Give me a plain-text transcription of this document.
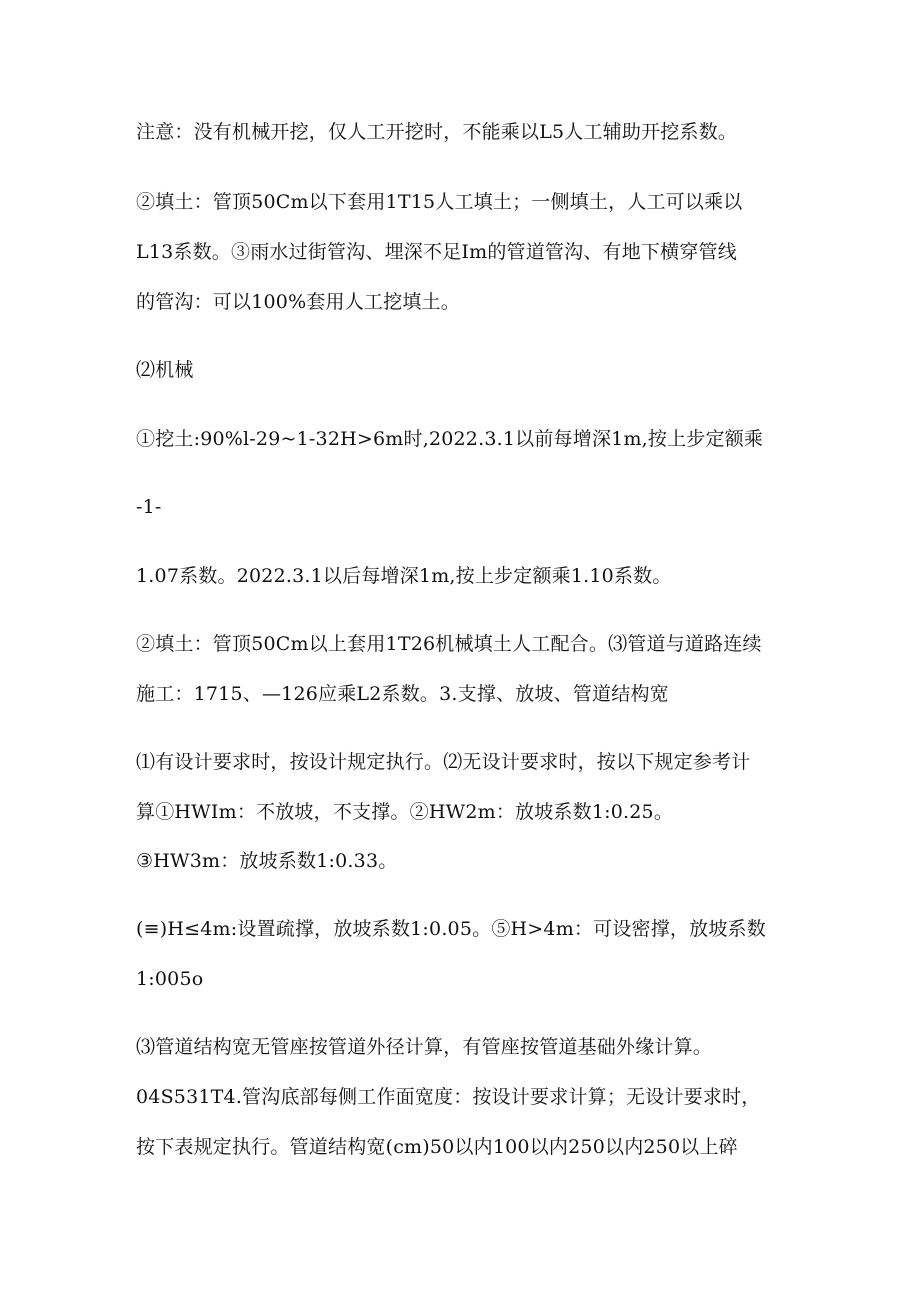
注意：没有机械开挖，仅人工开挖时，不能乘以L5人工辅助开挖系数。
②填土：管顶50Cm以下套用1T15人工填土；一侧填土，人工可以乘以
L13系数。③雨水过街管沟、埋深不足Im的管道管沟、有地下横穿管线
的管沟：可以100%套用人工挖填土。
⑵机械
①挖土:90%l-29~1-32H>6m时,2022.3.1以前每增深1m,按上步定额乘
-1-
1.07系数。2022.3.1以后每增深1m,按上步定额乘1.10系数。
②填土：管顶50Cm以上套用1T26机械填土人工配合。⑶管道与道路连续
施工：1715、—126应乘L2系数。3.支撑、放坡、管道结构宽
⑴有设计要求时，按设计规定执行。⑵无设计要求时，按以下规定参考计
算①HWIm：不放坡，不支撑。②HW2m：放坡系数1:0.25。
③HW3m：放坡系数1:0.33。
(≡)H≤4m:设置疏撑，放坡系数1:0.05。⑤H>4m：可设密撑，放坡系数
1:005o
⑶管道结构宽无管座按管道外径计算，有管座按管道基础外缘计算。
04S531T4.管沟底部每侧工作面宽度：按设计要求计算；无设计要求时，
按下表规定执行。管道结构宽(cm)50以内100以内250以内250以上碎
